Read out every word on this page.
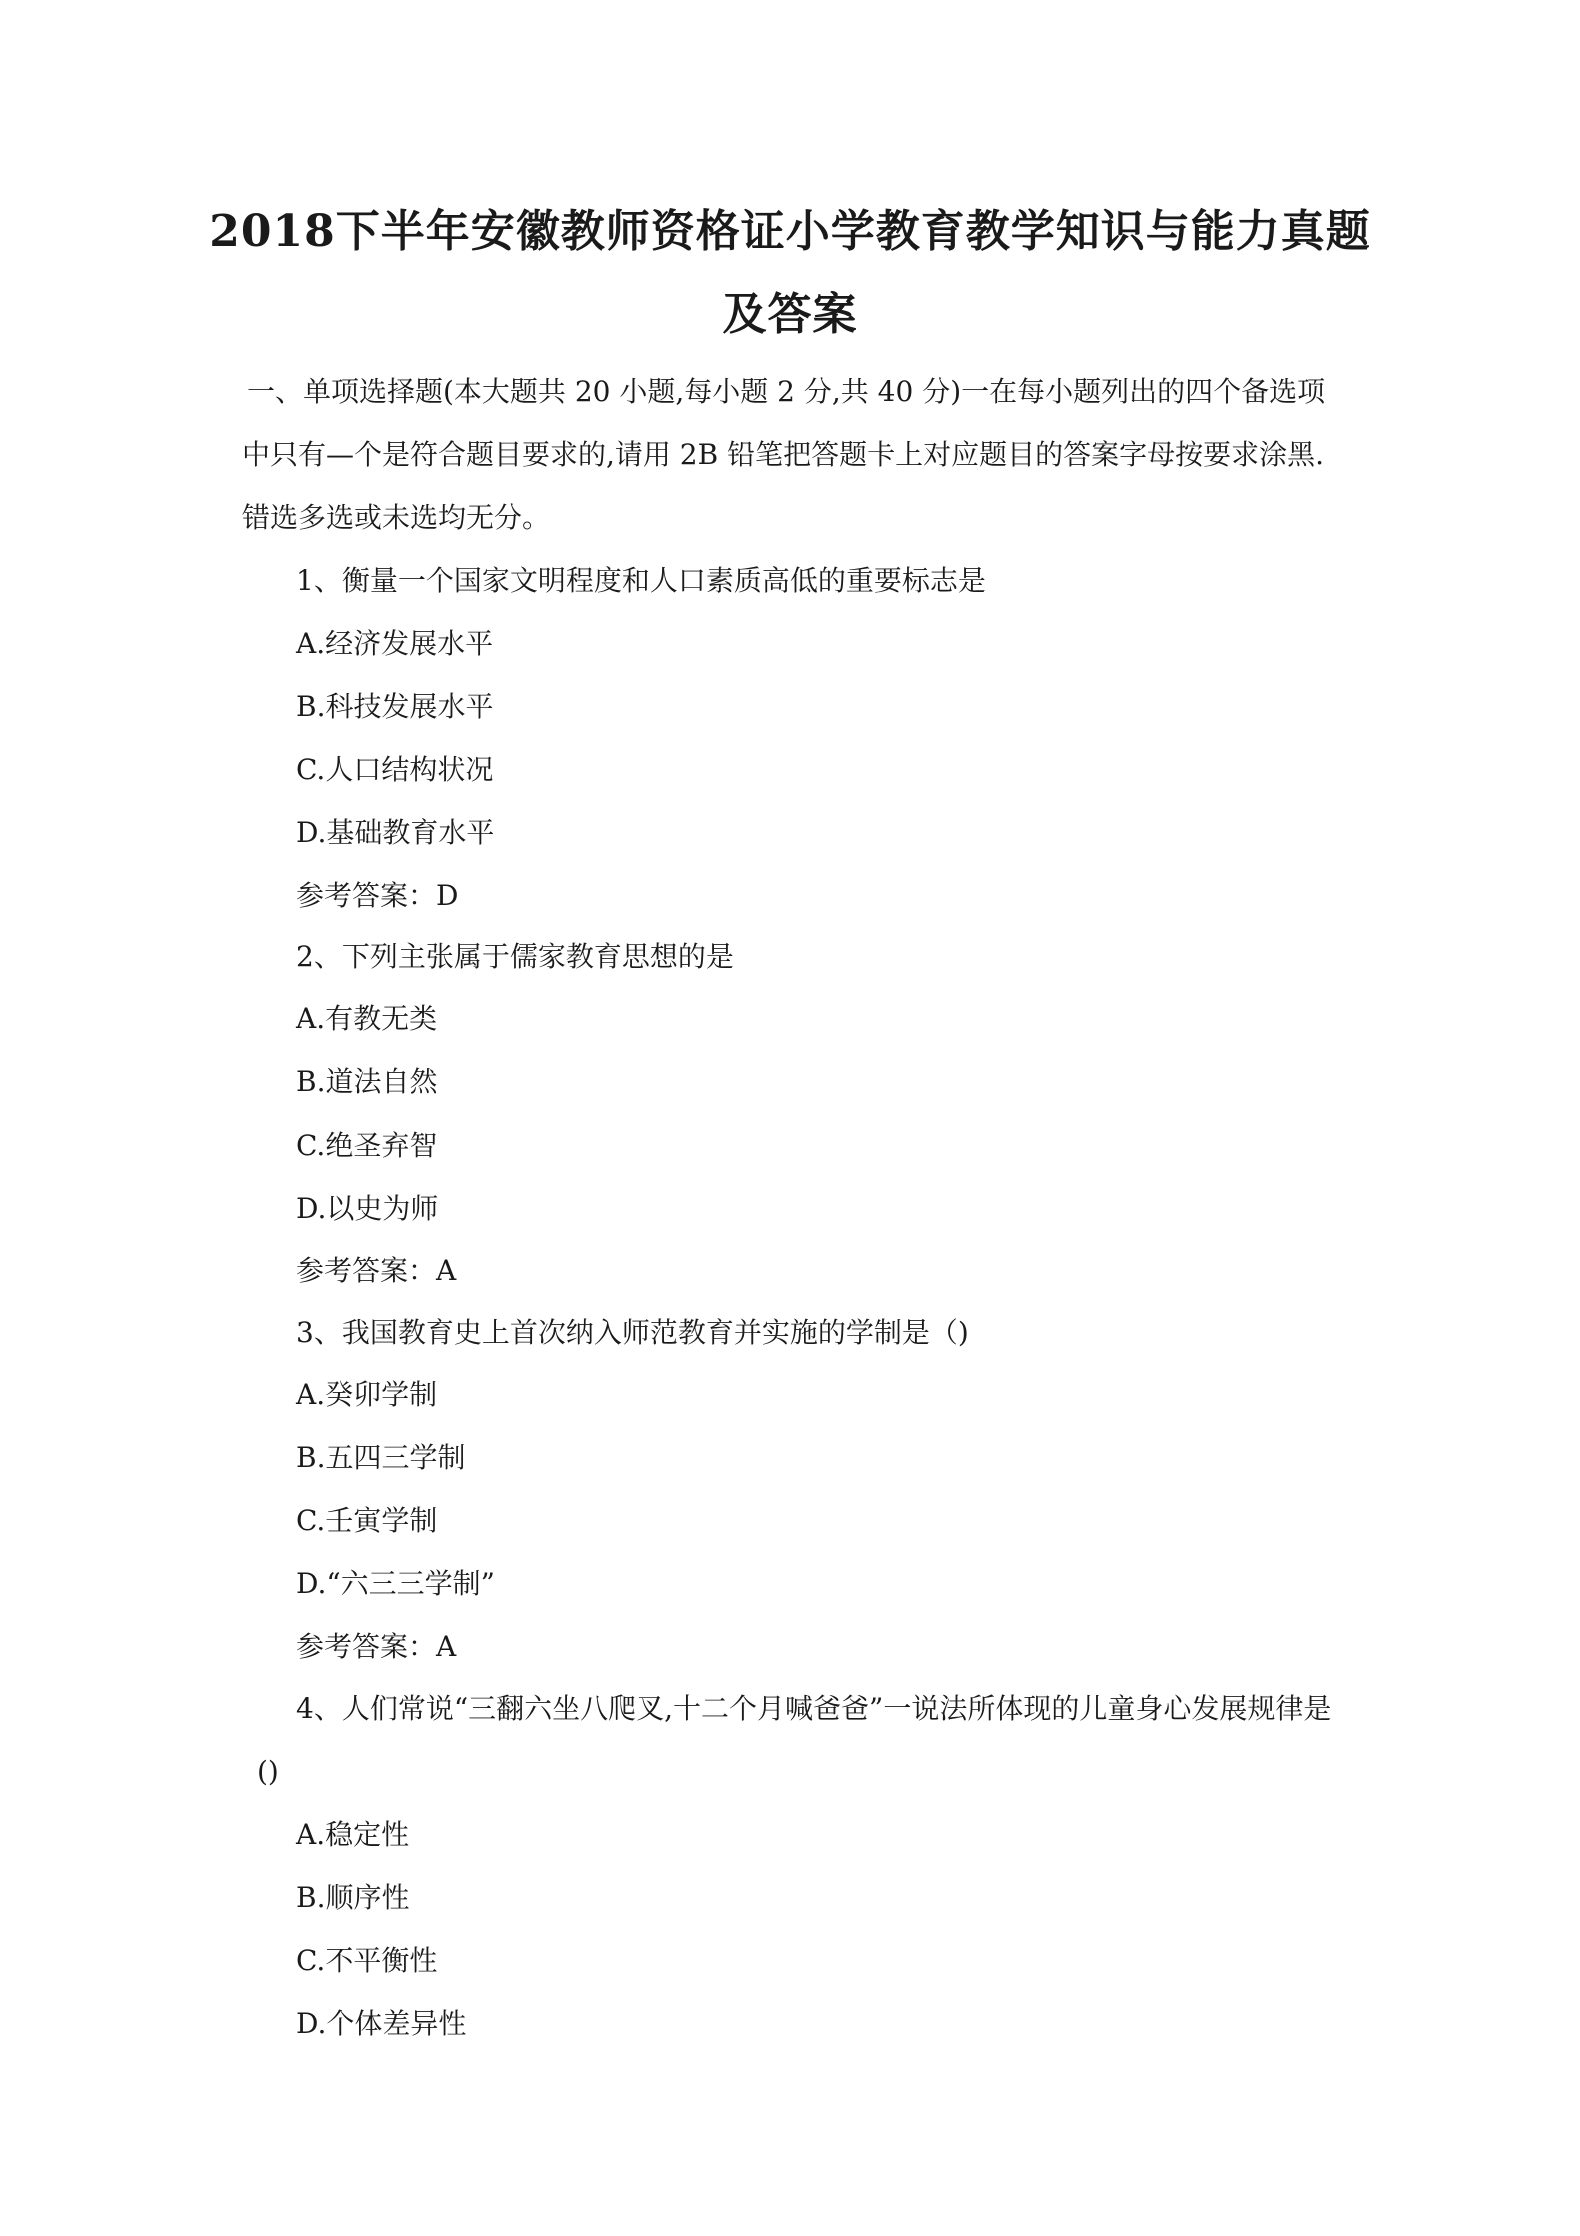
2018下半年安徽教师资格证小学教育教学知识与能力真题
及答案
一、单项选择题(本大题共 20 小题,每小题 2 分,共 40 分)一在每小题列出的四个备选项
中只有—个是符合题目要求的,请用 2B 铅笔把答题卡上对应题目的答案字母按要求涂黑.
错选多选或未选均无分。
1、衡量一个国家文明程度和人口素质高低的重要标志是
A.经济发展水平
B.科技发展水平
C.人口结构状况
D.基础教育水平
参考答案：D
2、下列主张属于儒家教育思想的是
A.有教无类
B.道法自然
C.绝圣弃智
D.以史为师
参考答案：A
3、我国教育史上首次纳入师范教育并实施的学制是（)
A.癸卯学制
B.五四三学制
C.壬寅学制
D.“六三三学制”
参考答案：A
4、人们常说“三翻六坐八爬叉,十二个月喊爸爸”一说法所体现的儿童身心发展规律是
()
A.稳定性
B.顺序性
C.不平衡性
D.个体差异性
